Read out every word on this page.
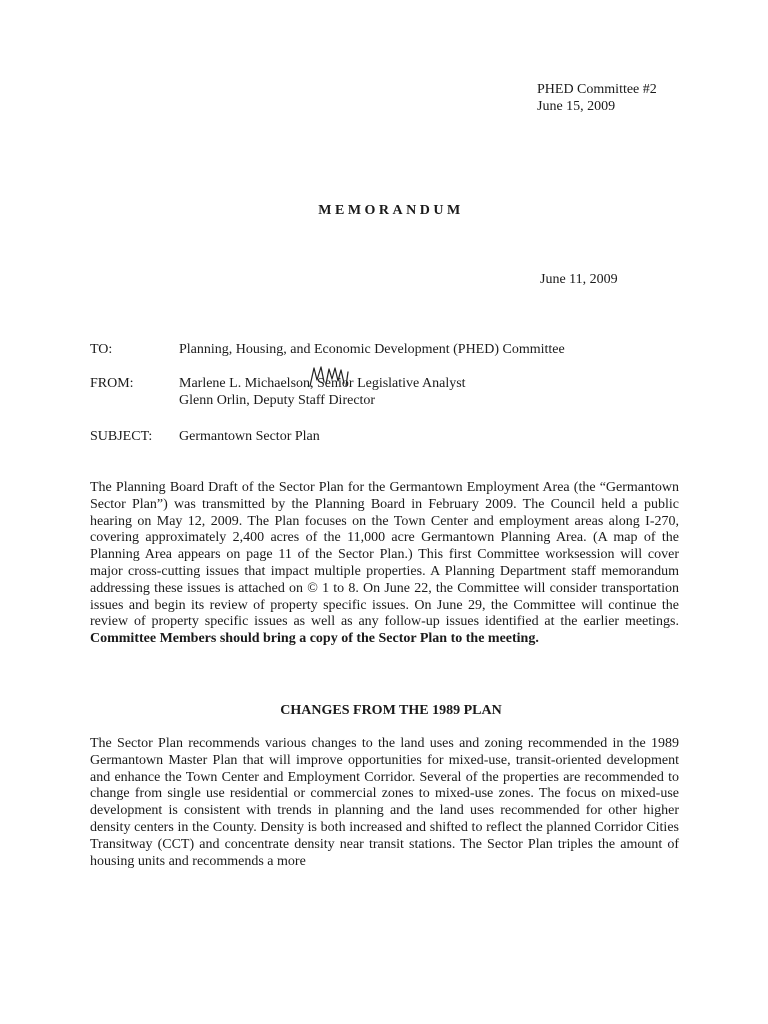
PHED Committee #2
June 15, 2009
MEMORANDUM
June 11, 2009
TO:	Planning, Housing, and Economic Development (PHED) Committee
FROM:	Marlene L. Michaelson, Senior Legislative Analyst
Glenn Orlin, Deputy Staff Director
SUBJECT:	Germantown Sector Plan
The Planning Board Draft of the Sector Plan for the Germantown Employment Area (the “Germantown Sector Plan”) was transmitted by the Planning Board in February 2009. The Council held a public hearing on May 12, 2009. The Plan focuses on the Town Center and employment areas along I-270, covering approximately 2,400 acres of the 11,000 acre Germantown Planning Area. (A map of the Planning Area appears on page 11 of the Sector Plan.) This first Committee worksession will cover major cross-cutting issues that impact multiple properties. A Planning Department staff memorandum addressing these issues is attached on © 1 to 8. On June 22, the Committee will consider transportation issues and begin its review of property specific issues. On June 29, the Committee will continue the review of property specific issues as well as any follow-up issues identified at the earlier meetings. Committee Members should bring a copy of the Sector Plan to the meeting.
CHANGES FROM THE 1989 PLAN
The Sector Plan recommends various changes to the land uses and zoning recommended in the 1989 Germantown Master Plan that will improve opportunities for mixed-use, transit-oriented development and enhance the Town Center and Employment Corridor. Several of the properties are recommended to change from single use residential or commercial zones to mixed-use zones. The focus on mixed-use development is consistent with trends in planning and the land uses recommended for other higher density centers in the County. Density is both increased and shifted to reflect the planned Corridor Cities Transitway (CCT) and concentrate density near transit stations. The Sector Plan triples the amount of housing units and recommends a more
